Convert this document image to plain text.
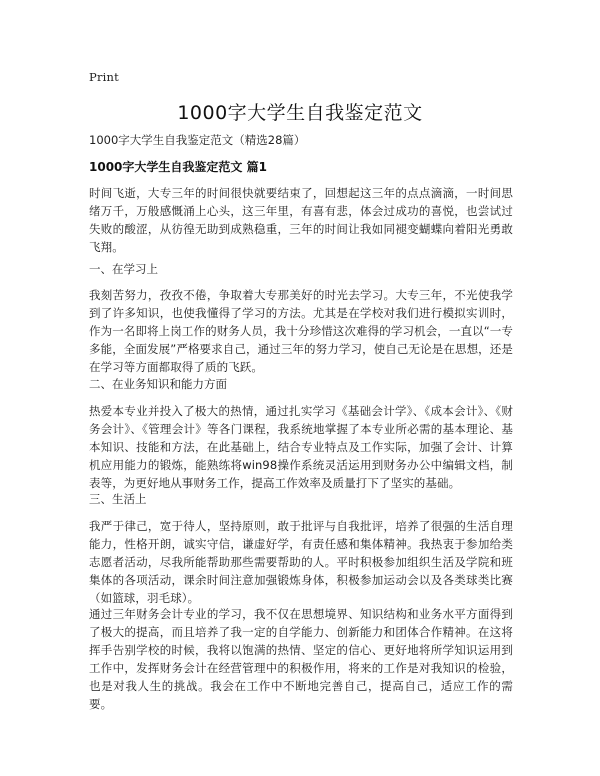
Print
1000字大学生自我鉴定范文

1000字大学生自我鉴定范文（精选28篇）

1000字大学生自我鉴定范文 篇1

时间飞逝，大专三年的时间很快就要结束了，回想起这三年的点点滴滴，一时间思绪万千，万般感慨涌上心头，这三年里，有喜有悲，体会过成功的喜悦，也尝试过失败的酸涩，从彷徨无助到成熟稳重，三年的时间让我如同褪变蝴蝶向着阳光勇敢飞翔。

一、在学习上

我刻苦努力，孜孜不倦，争取着大专那美好的时光去学习。大专三年，不光使我学到了许多知识，也使我懂得了学习的方法。尤其是在学校对我们进行模拟实训时，作为一名即将上岗工作的财务人员，我十分珍惜这次难得的学习机会，一直以“一专多能，全面发展”严格要求自己，通过三年的努力学习，使自己无论是在思想，还是在学习等方面都取得了质的飞跃。

二、在业务知识和能力方面

热爱本专业并投入了极大的热情，通过扎实学习《基础会计学》、《成本会计》、《财务会计》、《管理会计》等各门课程，我系统地掌握了本专业所必需的基本理论、基本知识、技能和方法，在此基础上，结合专业特点及工作实际，加强了会计、计算机应用能力的锻炼，能熟练将win98操作系统灵活运用到财务办公中编辑文档，制表等，为更好地从事财务工作，提高工作效率及质量打下了坚实的基础。

三、生活上

我严于律己，宽于待人，坚持原则，敢于批评与自我批评，培养了很强的生活自理能力，性格开朗，诚实守信，谦虚好学，有责任感和集体精神。我热衷于参加给类志愿者活动，尽我所能帮助那些需要帮助的人。平时积极参加组织生活及学院和班集体的各项活动，课余时间注意加强锻炼身体，积极参加运动会以及各类球类比赛（如篮球，羽毛球）。

通过三年财务会计专业的学习，我不仅在思想境界、知识结构和业务水平方面得到了极大的提高，而且培养了我一定的自学能力、创新能力和团体合作精神。在这将挥手告别学校的时候，我将以饱满的热情、坚定的信心、更好地将所学知识运用到工作中，发挥财务会计在经营管理中的积极作用，将来的工作是对我知识的检验，也是对我人生的挑战。我会在工作中不断地完善自己，提高自己，适应工作的需要。
